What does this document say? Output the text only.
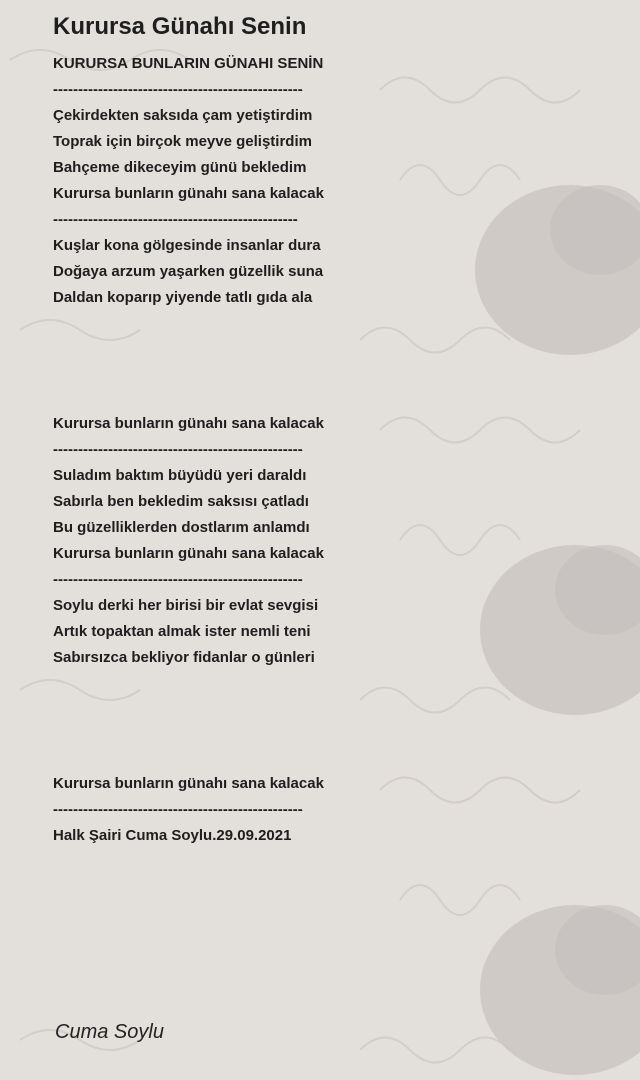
Kurursa Günahı Senin
KURURSA BUNLARIN GÜNAHI SENİN
--------------------------------------------------
Çekirdekten saksıda çam yetiştirdim
Toprak için birçok meyve geliştirdim
Bahçeme dikeceyim günü bekledim
Kurursa bunların günahı sana kalacak
-------------------------------------------------
Kuşlar kona gölgesinde insanlar dura
Doğaya arzum yaşarken güzellik suna
Daldan koparıp yiyende tatlı gıda ala
Kurursa bunların günahı sana kalacak
--------------------------------------------------
Suladım baktım büyüdü yeri daraldı
Sabırla ben bekledim saksısı çatladı
Bu güzelliklerden dostlarım anlamdı
Kurursa bunların günahı sana kalacak
--------------------------------------------------
Soylu derki her birisi bir evlat sevgisi
Artık topaktan almak ister nemli teni
Sabırsızca bekliyor fidanlar o günleri
Kurursa bunların günahı sana kalacak
--------------------------------------------------
Halk Şairi Cuma Soylu.29.09.2021
Cuma Soylu
